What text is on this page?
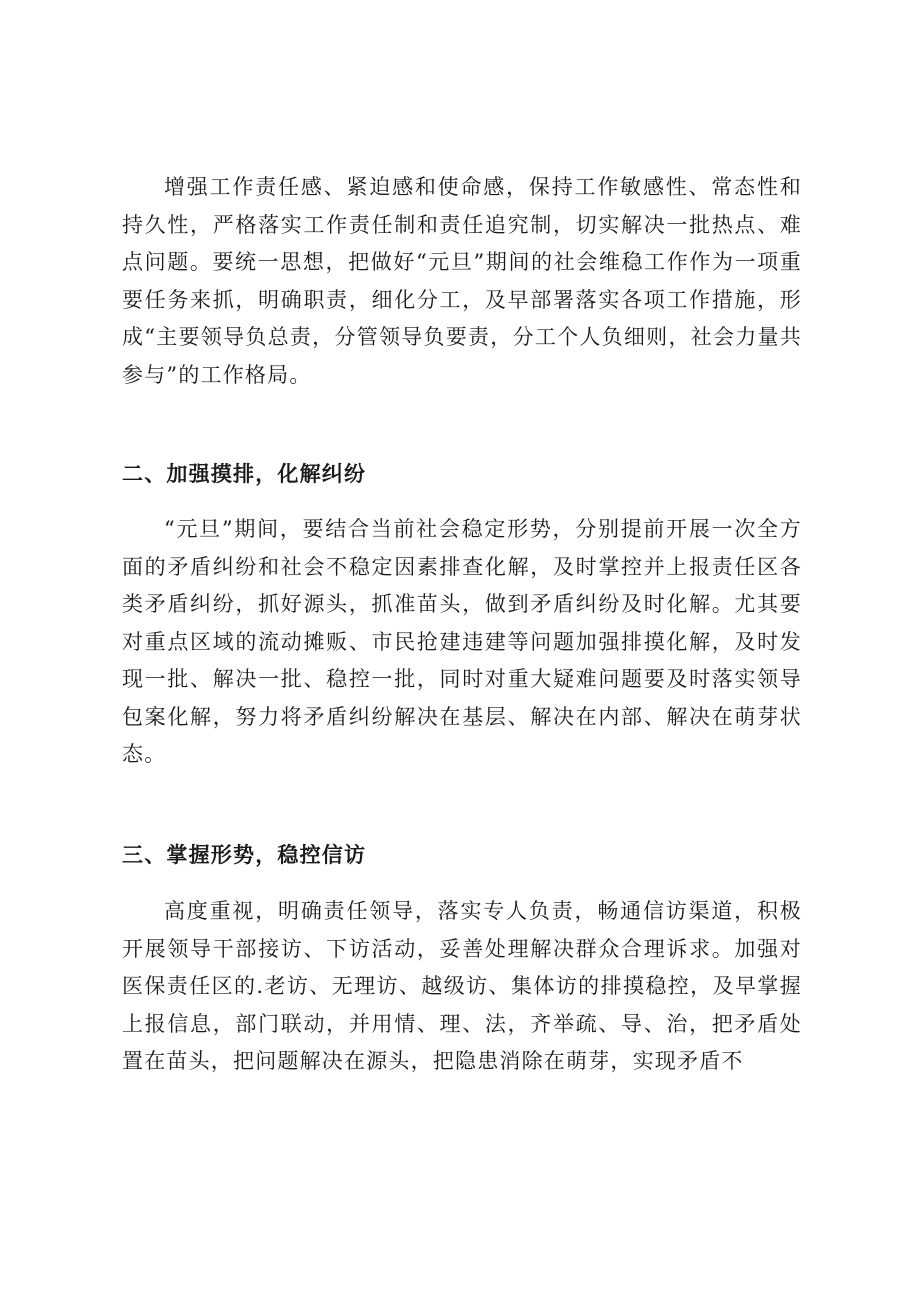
增强工作责任感、紧迫感和使命感，保持工作敏感性、常态性和持久性，严格落实工作责任制和责任追究制，切实解决一批热点、难点问题。要统一思想，把做好“元旦”期间的社会维稳工作作为一项重要任务来抓，明确职责，细化分工，及早部署落实各项工作措施，形成“主要领导负总责，分管领导负要责，分工个人负细则，社会力量共参与”的工作格局。

二、加强摸排，化解纠纷

“元旦”期间，要结合当前社会稳定形势，分别提前开展一次全方面的矛盾纠纷和社会不稳定因素排查化解，及时掌控并上报责任区各类矛盾纠纷，抓好源头，抓准苗头，做到矛盾纠纷及时化解。尤其要对重点区域的流动摊贩、市民抢建违建等问题加强排摸化解，及时发现一批、解决一批、稳控一批，同时对重大疑难问题要及时落实领导包案化解，努力将矛盾纠纷解决在基层、解决在内部、解决在萌芽状态。

三、掌握形势，稳控信访

高度重视，明确责任领导，落实专人负责，畅通信访渠道，积极开展领导干部接访、下访活动，妥善处理解决群众合理诉求。加强对医保责任区的.老访、无理访、越级访、集体访的排摸稳控，及早掌握上报信息，部门联动，并用情、理、法，齐举疏、导、治，把矛盾处置在苗头，把问题解决在源头，把隐患消除在萌芽，实现矛盾不
